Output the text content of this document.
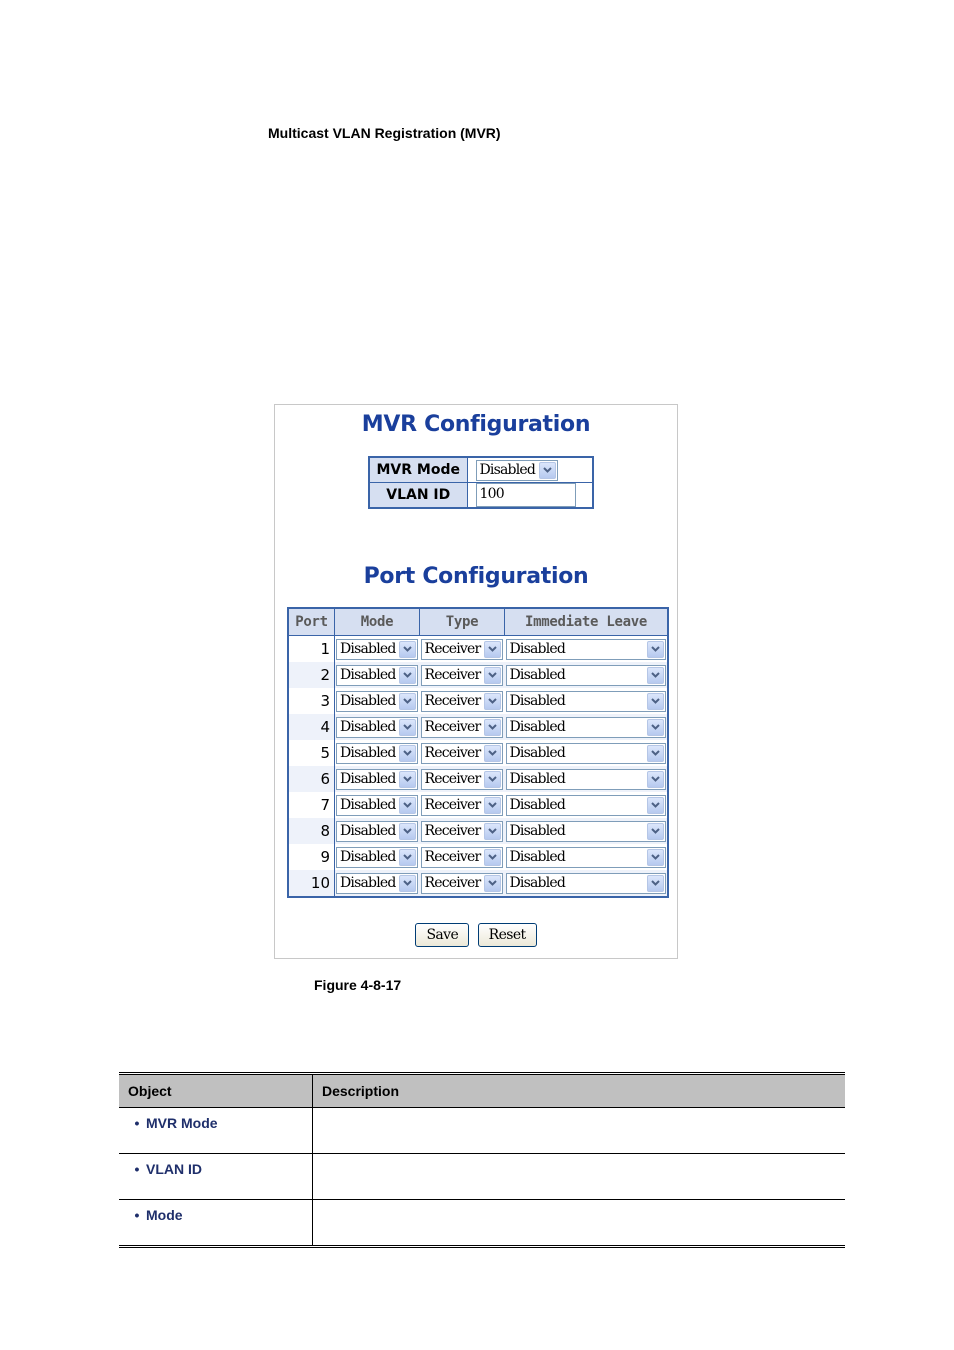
Multicast VLAN Registration (MVR)
MVR Configuration
MVR Mode	Disabled

VLAN ID	100
Port Configuration
Port	Mode	Type	Immediate Leave
1	Disabled	Receiver	Disabled

2	Disabled	Receiver	Disabled

3	Disabled	Receiver	Disabled

4	Disabled	Receiver	Disabled

5	Disabled	Receiver	Disabled

6	Disabled	Receiver	Disabled

7	Disabled	Receiver	Disabled

8	Disabled	Receiver	Disabled

9	Disabled	Receiver	Disabled

10	Disabled	Receiver	Disabled
Save Reset
Figure 4-8-17
Object	Description
• MVR Mode	
• VLAN ID	
• Mode	
